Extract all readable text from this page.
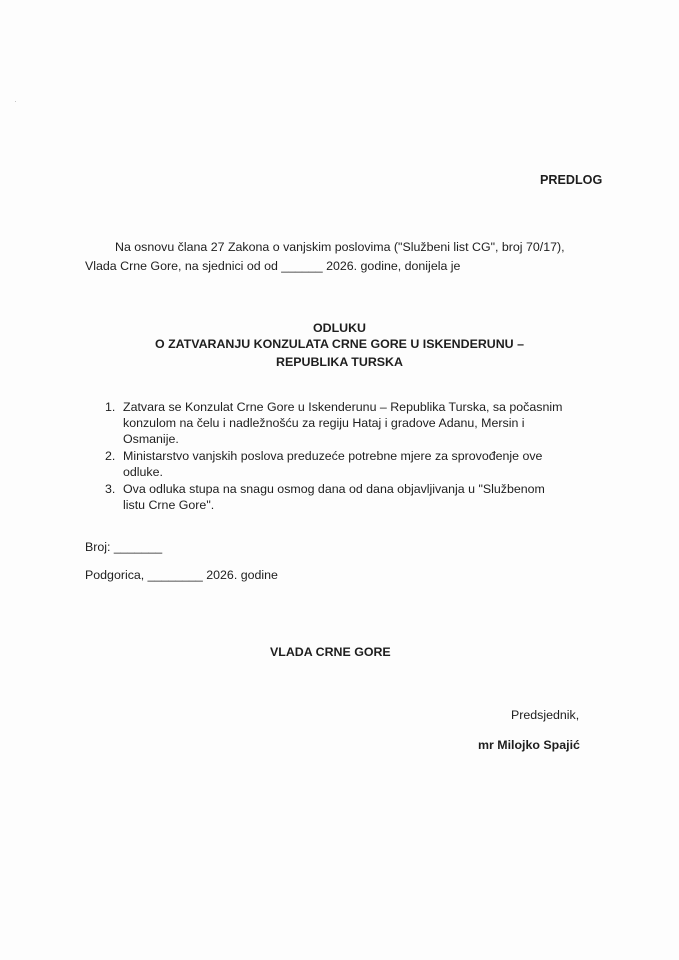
·
PREDLOG
Na osnovu člana 27 Zakona o vanjskim poslovima ("Službeni list CG", broj 70/17),
Vlada Crne Gore, na sjednici od od ______ 2026. godine, donijela je
ODLUKU
O ZATVARANJU KONZULATA CRNE GORE U ISKENDERUNU –
REPUBLIKA TURSKA
1. Zatvara se Konzulat Crne Gore u Iskenderunu – Republika Turska, sa počasnim
konzulom na čelu i nadležnošću za regiju Hataj i gradove Adanu, Mersin i
Osmanije.
2. Ministarstvo vanjskih poslova preduzeće potrebne mjere za sprovođenje ove
odluke.
3. Ova odluka stupa na snagu osmog dana od dana objavljivanja u "Službenom
listu Crne Gore".
Broj: _______
Podgorica, ________ 2026. godine
VLADA CRNE GORE
Predsjednik,
mr Milojko Spajić
